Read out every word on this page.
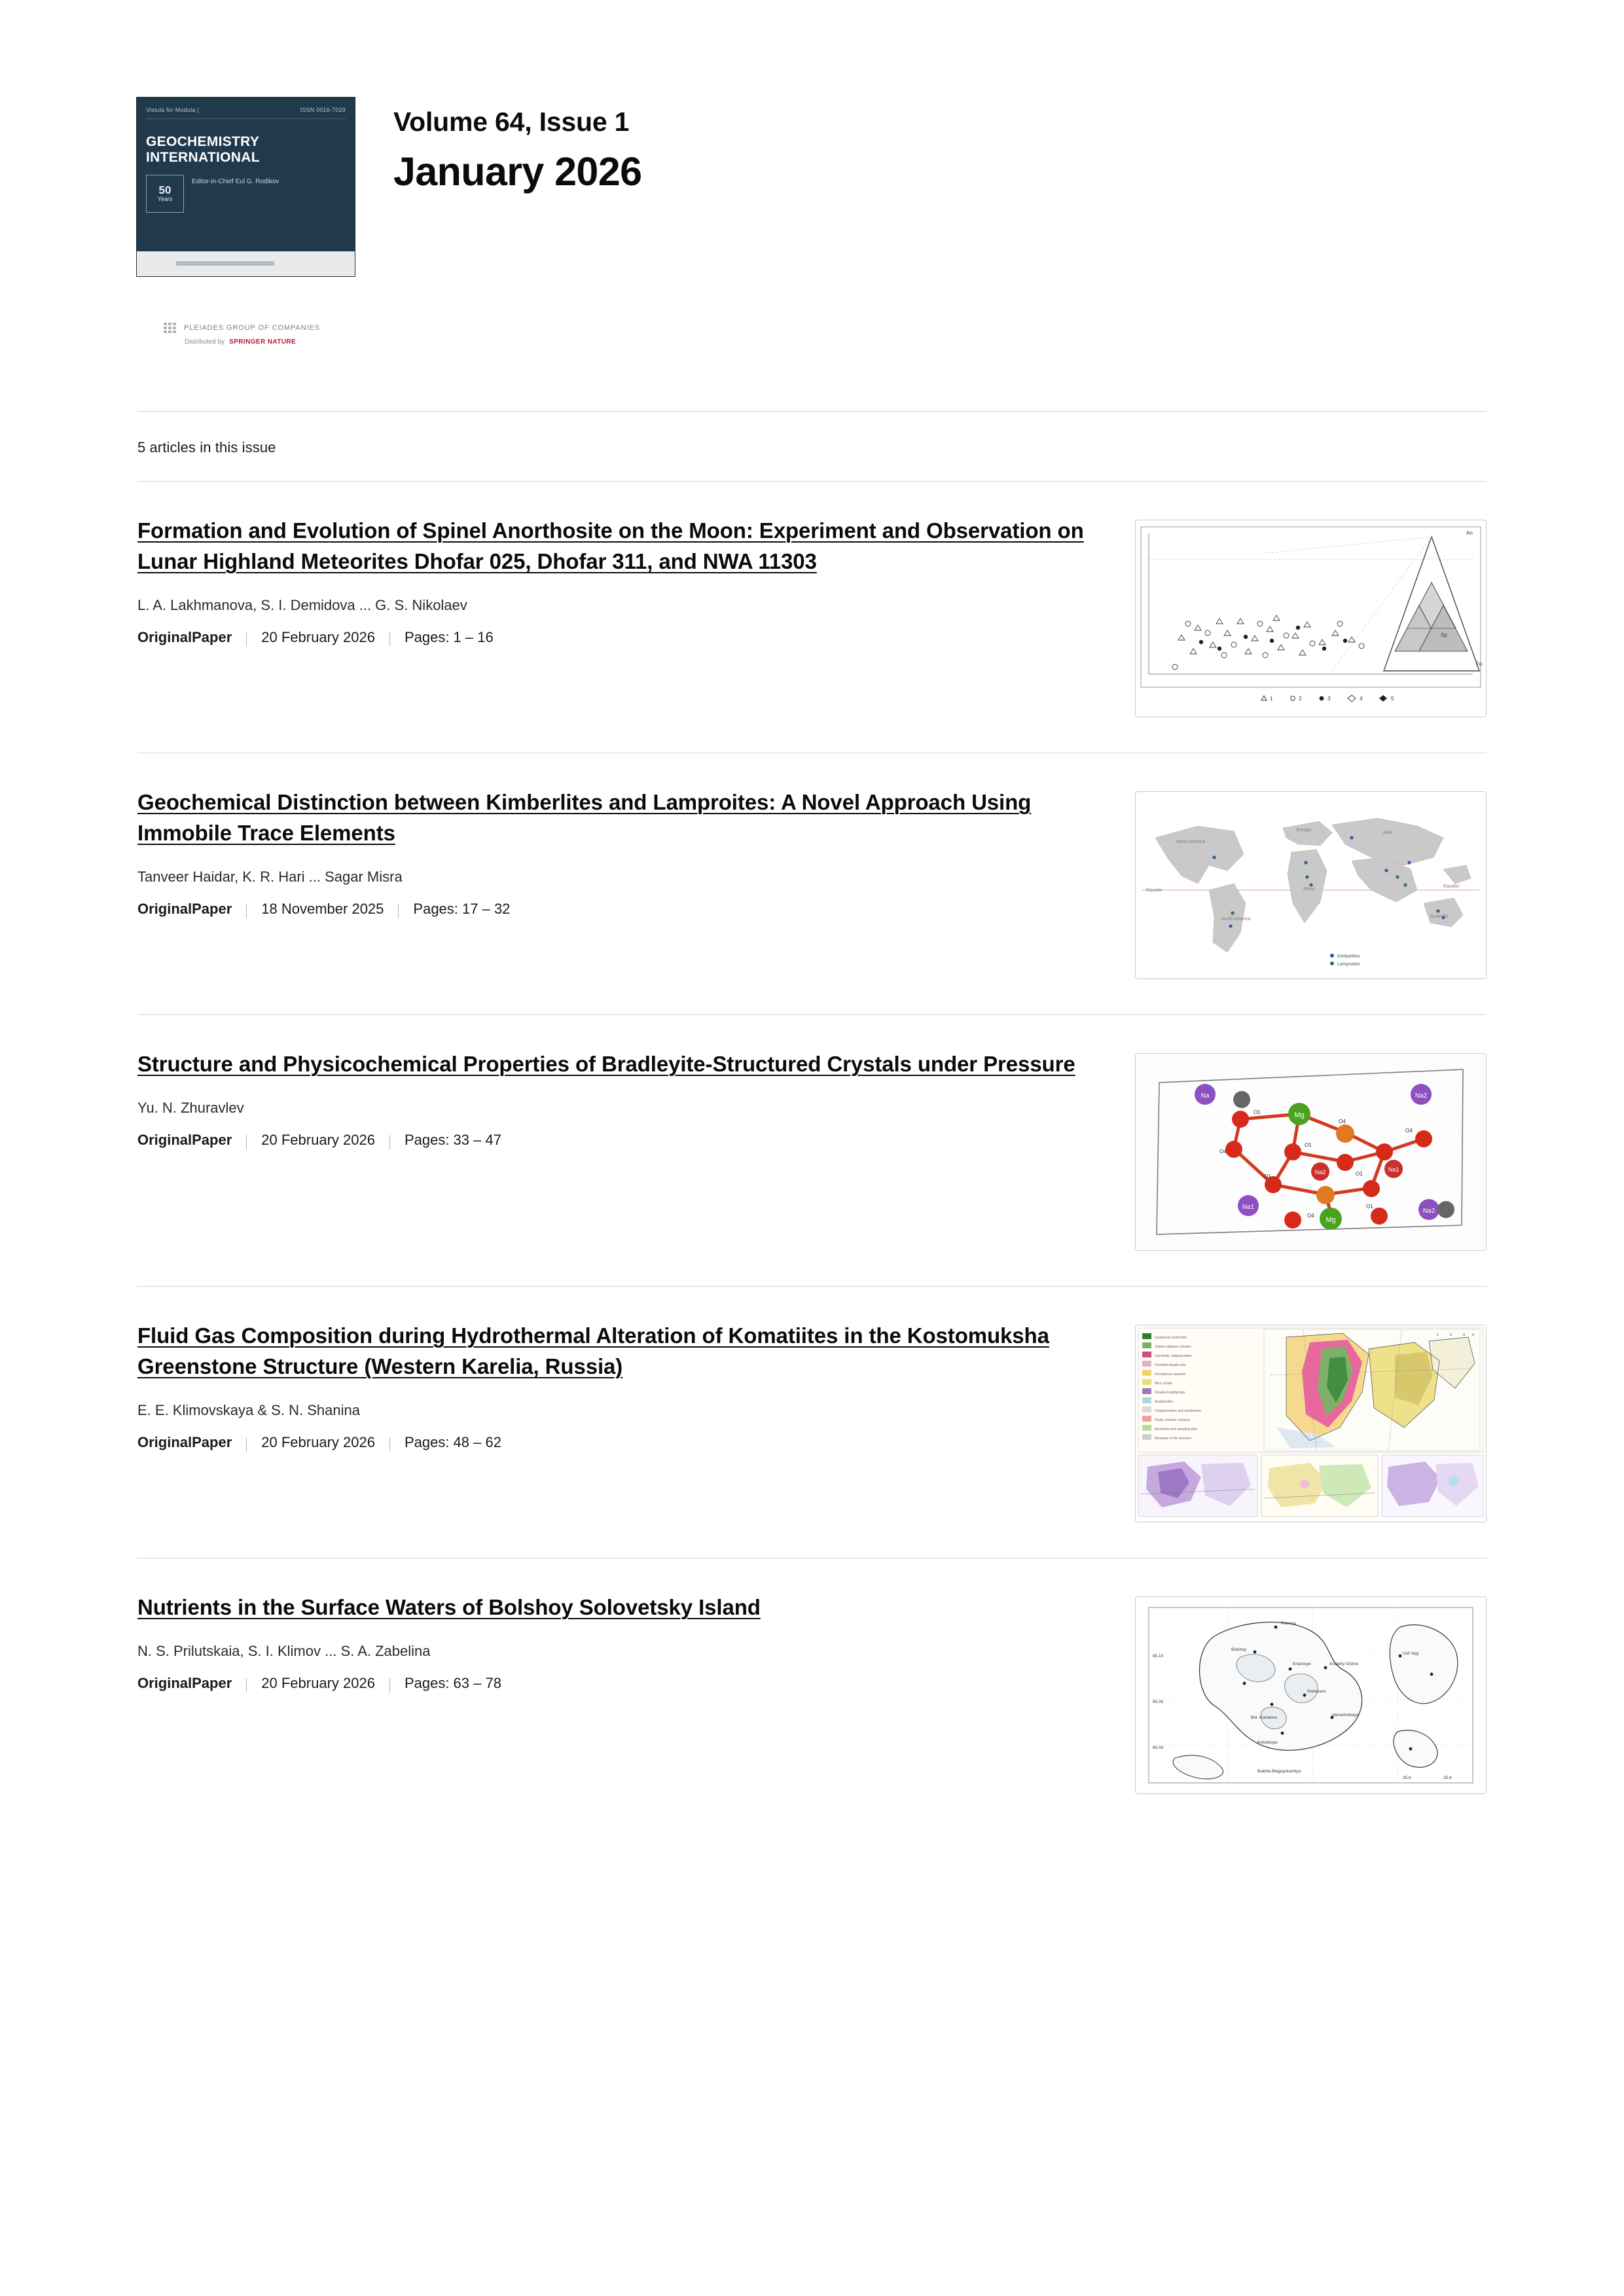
Vistula for Modula |	ISSN 0016-7029
GEOCHEMISTRY INTERNATIONAL
50
Years
Editor-in-Chief Eul G. Rodikov
Volume 64, Issue 1
January 2026
PLEIADES GROUP OF COMPANIES
Distributed by SPRINGER NATURE
5 articles in this issue
Formation and Evolution of Spinel Anorthosite on the Moon: Experiment and Observation on Lunar Highland Meteorites Dhofar 025, Dhofar 311, and NWA 11303
L. A. Lakhmanova, S. I. Demidova ... G. S. Nikolaev
OriginalPaper 20 February 2026 Pages: 1 – 16
An
Sp
Fo
1	2	3	4	5
Geochemical Distinction between Kimberlites and Lamproites: A Novel Approach Using Immobile Trace Elements
Tanveer Haidar, K. R. Hari ... Sagar Misra
OriginalPaper 18 November 2025 Pages: 17 – 32
North America
South America
Europe
Africa
Asia
Australia
Equator
Equator
Kimberlites
Lamproites
Structure and Physicochemical Properties of Bradleyite-Structured Crystals under Pressure
Yu. N. Zhuravlev
OriginalPaper 20 February 2026 Pages: 33 – 47
Mg
Mg
Na	Na2
Na1
Na2
Na1
Na2
O4
O4
O1
O1
O1
O1
O4
O1
O4
Fluid Gas Composition during Hydrothermal Alteration of Komatiites in the Kostomuksha Greenstone Structure (Western Karelia, Russia)
E. E. Klimovskaya & S. N. Shanina
OriginalPaper 20 February 2026 Pages: 48 – 62
Quaternary sediments
Gabbro-diabase complex
Granitoids, plagiogranites
Komatiite-basalt suite
Ferruginous quartzite
Mica schists
Tonalite-trondhjemite
Amphibolites
Conglomerates and sandstones
Faults, tectonic contacts
Boreholes and sampling sites
Boundary of the structure
1	2	3 4
Nutrients in the Surface Waters of Bolshoy Solovetsky Island
N. S. Prilutskaia, S. I. Klimov ... S. A. Zabelina
OriginalPaper 20 February 2026 Pages: 63 – 78
Petrova
Bolshoy
Krasnoye	Anzerky Ostrov
Pertozero
Bol. Kornilovo
Kolodnoye
Varvarinskaya
Ust'-Vyg
Bukhta Blagopoluchiya
65.10
65.05
65.00
35.6	35.8
